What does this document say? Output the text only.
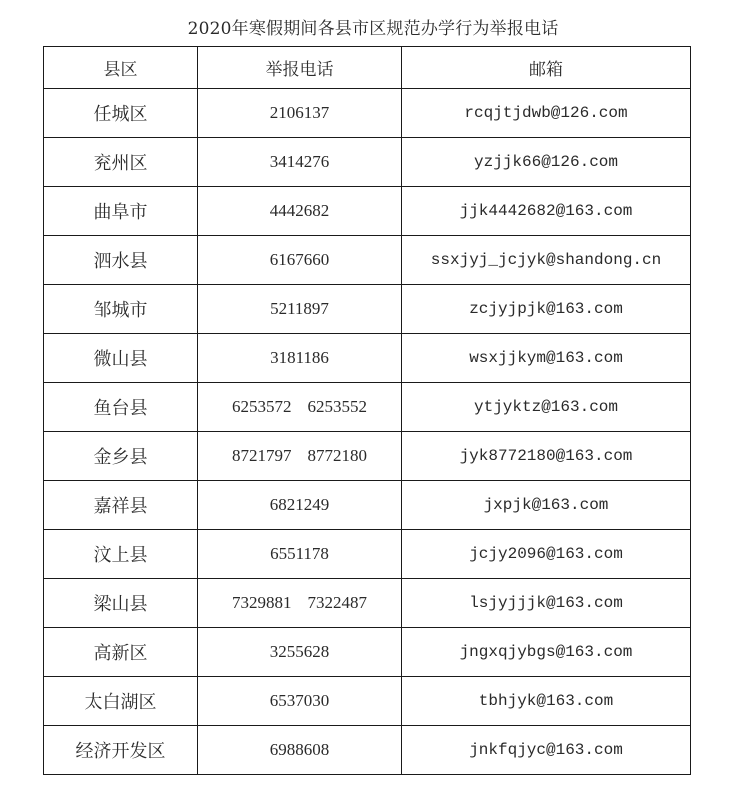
2020年寒假期间各县市区规范办学行为举报电话
县区	举报电话	邮箱
任城区	2106137	rcqjtjdwb@126.com
兖州区	3414276	yzjjk66@126.com
曲阜市	4442682	jjk4442682@163.com
泗水县	6167660	ssxjyj_jcjyk@shandong.cn
邹城市	5211897	zcjyjpjk@163.com
微山县	3181186	wsxjjkym@163.com
鱼台县	6253572 6253552	ytjyktz@163.com
金乡县	8721797 8772180	jyk8772180@163.com
嘉祥县	6821249	jxpjk@163.com
汶上县	6551178	jcjy2096@163.com
梁山县	7329881 7322487	lsjyjjjk@163.com
高新区	3255628	jngxqjybgs@163.com
太白湖区	6537030	tbhjyk@163.com
经济开发区	6988608	jnkfqjyc@163.com
